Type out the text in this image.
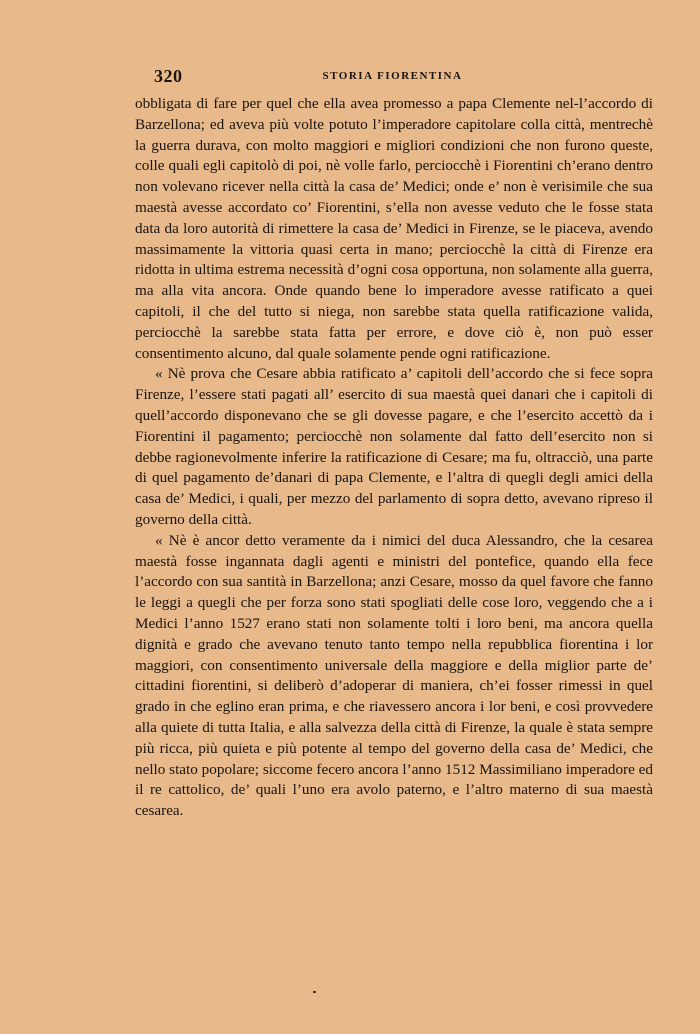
320	STORIA FIORENTINA

obbligata di fare per quel che ella avea promesso a papa Clemente nel-l’accordo di Barzellona; ed aveva più volte potuto l’imperadore capitolare colla città, mentrechè la guerra durava, con molto maggiori e migliori condizioni che non furono queste, colle quali egli capitolò di poi, nè volle farlo, perciocchè i Fiorentini ch’erano dentro non volevano ricever nella città la casa de’ Medici; onde e’ non è verisimile che sua maestà avesse accordato co’ Fiorentini, s’ella non avesse veduto che le fosse stata data da loro autorità di rimettere la casa de’ Medici in Firenze, se le piaceva, avendo massimamente la vittoria quasi certa in mano; perciocchè la città di Firenze era ridotta in ultima estrema necessità d’ogni cosa opportuna, non solamente alla guerra, ma alla vita ancora. Onde quando bene lo imperadore avesse ratificato a quei capitoli, il che del tutto si niega, non sarebbe stata quella ratificazione valida, perciocchè la sarebbe stata fatta per errore, e dove ciò è, non può esser consentimento alcuno, dal quale solamente pende ogni ratificazione.

« Nè prova che Cesare abbia ratificato a’ capitoli dell’accordo che si fece sopra Firenze, l’essere stati pagati all’ esercito di sua maestà quei danari che i capitoli di quell’accordo disponevano che se gli dovesse pagare, e che l’esercito accettò da i Fiorentini il pagamento; perciocchè non solamente dal fatto dell’esercito non si debbe ragionevolmente inferire la ratificazione di Cesare; ma fu, oltracciò, una parte di quel pagamento de’danari di papa Clemente, e l’altra di quegli degli amici della casa de’ Medici, i quali, per mezzo del parlamento di sopra detto, avevano ripreso il governo della città.

« Nè è ancor detto veramente da i nimici del duca Alessandro, che la cesarea maestà fosse ingannata dagli agenti e ministri del pontefice, quando ella fece l’accordo con sua santità in Barzellona; anzi Cesare, mosso da quel favore che fanno le leggi a quegli che per forza sono stati spogliati delle cose loro, veggendo che a i Medici l’anno 1527 erano stati non solamente tolti i loro beni, ma ancora quella dignità e grado che avevano tenuto tanto tempo nella repubblica fiorentina i lor maggiori, con consentimento universale della maggiore e della miglior parte de’ cittadini fiorentini, si deliberò d’adoperar di maniera, ch’ei fosser rimessi in quel grado in che eglino eran prima, e che riavessero ancora i lor beni, e così provvedere alla quiete di tutta Italia, e alla salvezza della città di Firenze, la quale è stata sempre più ricca, più quieta e più potente al tempo del governo della casa de’ Medici, che nello stato popolare; siccome fecero ancora l’anno 1512 Massimiliano imperadore ed il re cattolico, de’ quali l’uno era avolo paterno, e l’altro materno di sua maestà cesarea.
